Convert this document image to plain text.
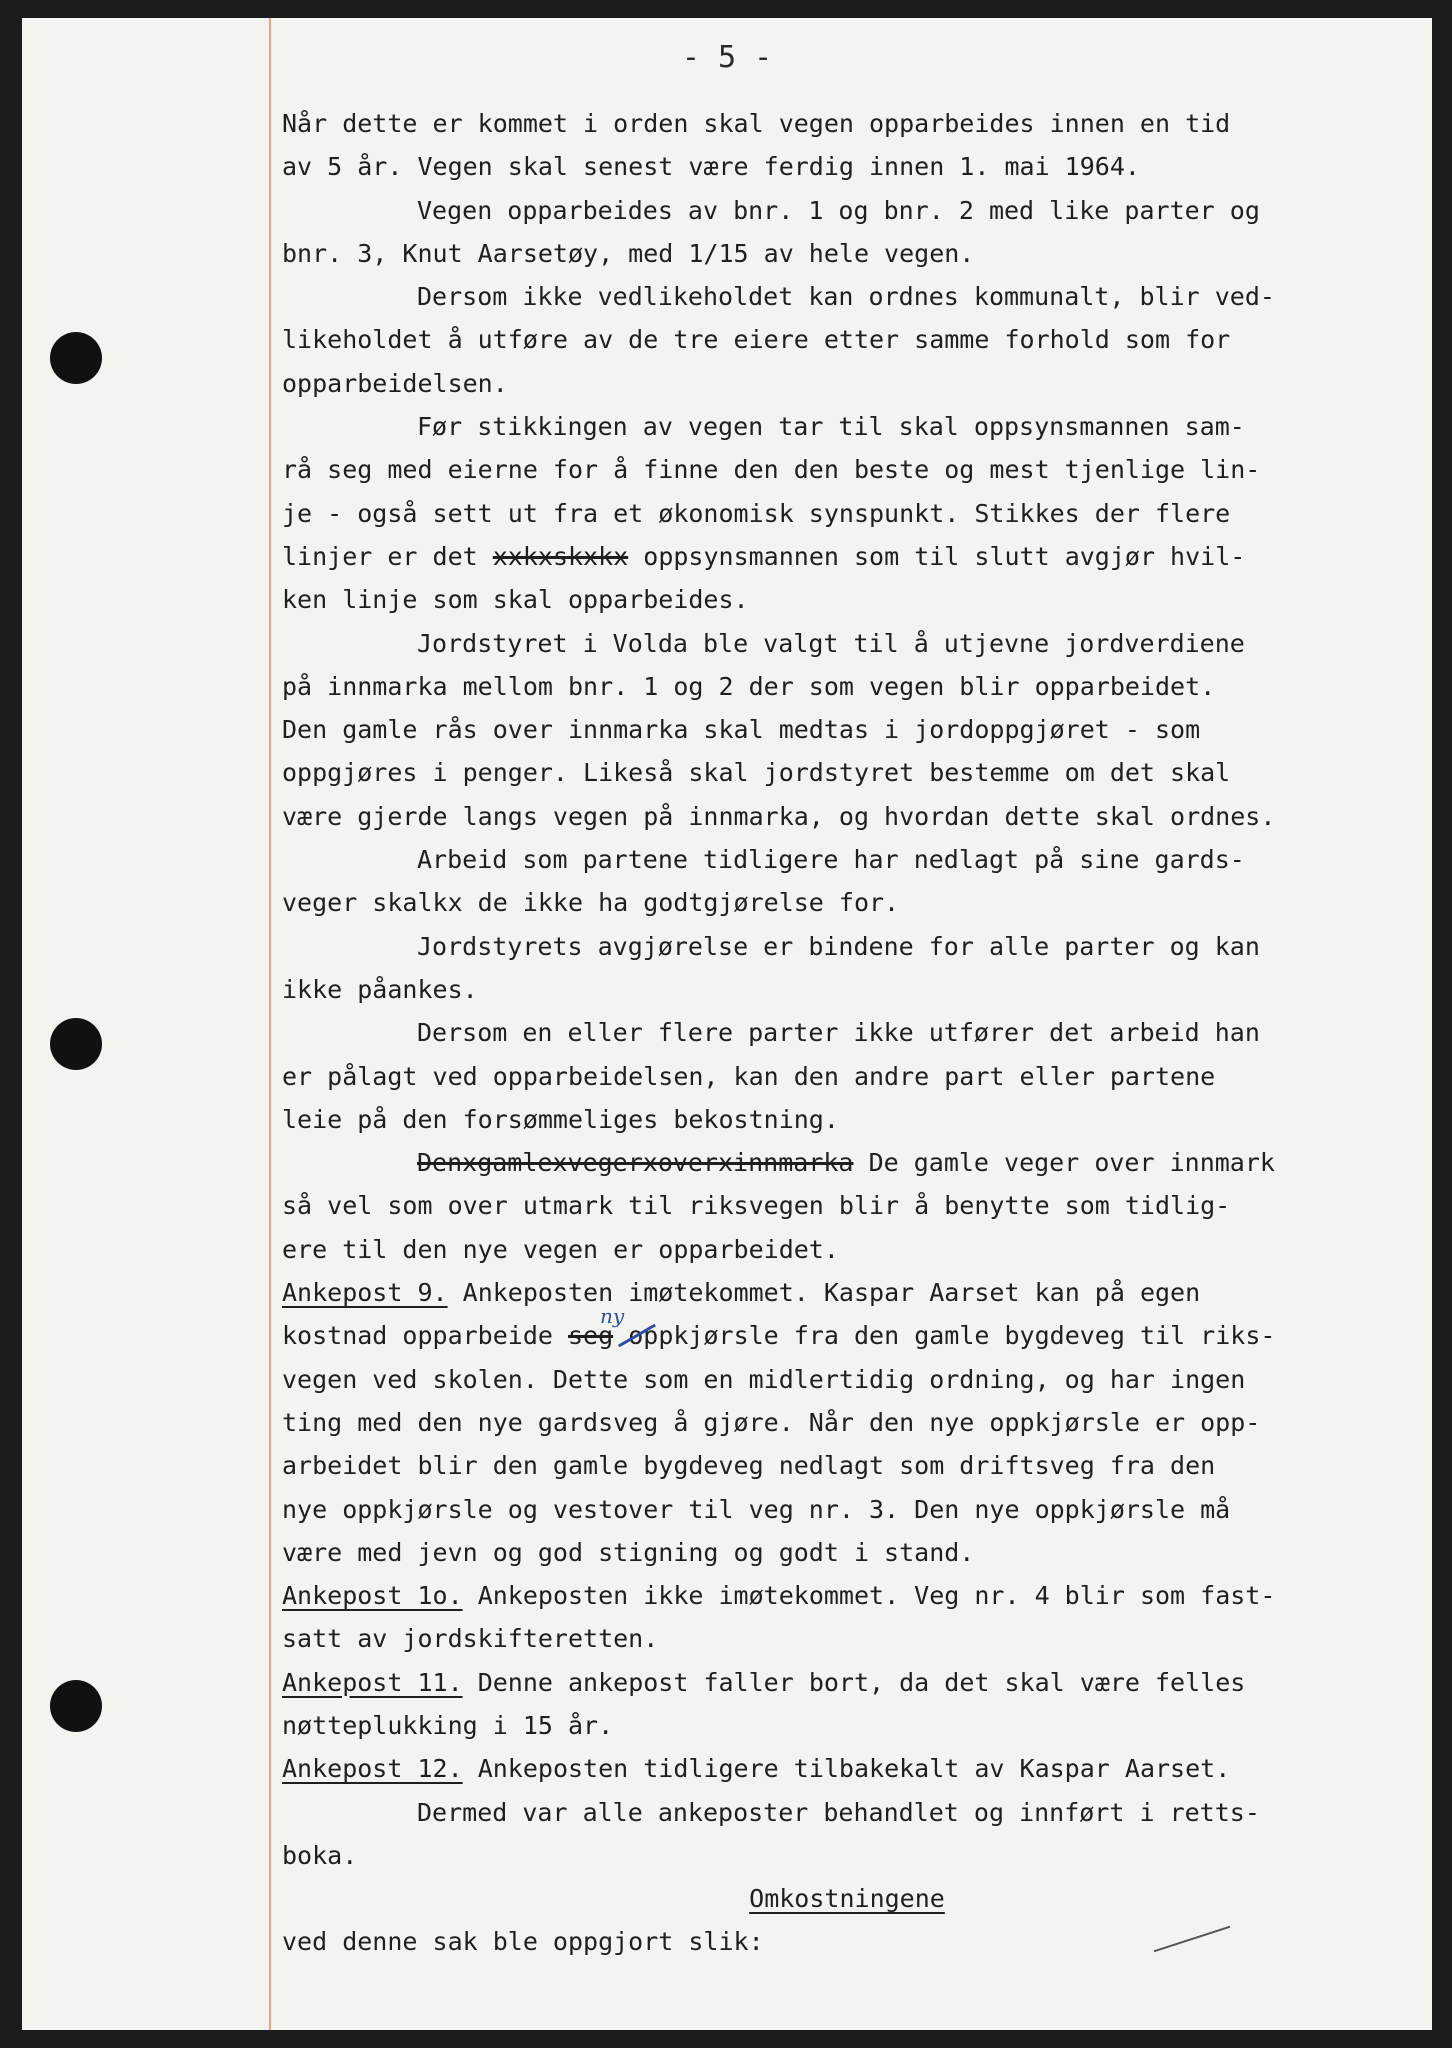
- 5 -
Når dette er kommet i orden skal vegen opparbeides innen en tid
av 5 år. Vegen skal senest være ferdig innen 1. mai 1964.
Vegen opparbeides av bnr. 1 og bnr. 2 med like parter og
bnr. 3, Knut Aarsetøy, med 1/15 av hele vegen.
Dersom ikke vedlikeholdet kan ordnes kommunalt, blir ved-
likeholdet å utføre av de tre eiere etter samme forhold som for
opparbeidelsen.
Før stikkingen av vegen tar til skal oppsynsmannen sam-
rå seg med eierne for å finne den den beste og mest tjenlige lin-
je - også sett ut fra et økonomisk synspunkt. Stikkes der flere
linjer er det xxkxskxkx oppsynsmannen som til slutt avgjør hvil-
ken linje som skal opparbeides.
Jordstyret i Volda ble valgt til å utjevne jordverdiene
på innmarka mellom bnr. 1 og 2 der som vegen blir opparbeidet.
Den gamle rås over innmarka skal medtas i jordoppgjøret - som
oppgjøres i penger. Likeså skal jordstyret bestemme om det skal
være gjerde langs vegen på innmarka, og hvordan dette skal ordnes.
Arbeid som partene tidligere har nedlagt på sine gards-
veger skalkx de ikke ha godtgjørelse for.
Jordstyrets avgjørelse er bindene for alle parter og kan
ikke påankes.
Dersom en eller flere parter ikke utfører det arbeid han
er pålagt ved opparbeidelsen, kan den andre part eller partene
leie på den forsømmeliges bekostning.
Denxgamlexvegerxoverxinnmarka De gamle veger over innmark
så vel som over utmark til riksvegen blir å benytte som tidlig-
ere til den nye vegen er opparbeidet.
Ankepost 9. Ankeposten imøtekommet. Kaspar Aarset kan på egen
kostnad opparbeide seg oppkjørsle fra den gamle bygdeveg til riks-
vegen ved skolen. Dette som en midlertidig ordning, og har ingen
ting med den nye gardsveg å gjøre. Når den nye oppkjørsle er opp-
arbeidet blir den gamle bygdeveg nedlagt som driftsveg fra den
nye oppkjørsle og vestover til veg nr. 3. Den nye oppkjørsle må
være med jevn og god stigning og godt i stand.
Ankepost 1o. Ankeposten ikke imøtekommet. Veg nr. 4 blir som fast-
satt av jordskifteretten.
Ankepost 11. Denne ankepost faller bort, da det skal være felles
nøtteplukking i 15 år.
Ankepost 12. Ankeposten tidligere tilbakekalt av Kaspar Aarset.
Dermed var alle ankeposter behandlet og innført i retts-
boka.
Omkostningene
ved denne sak ble oppgjort slik:
ny
